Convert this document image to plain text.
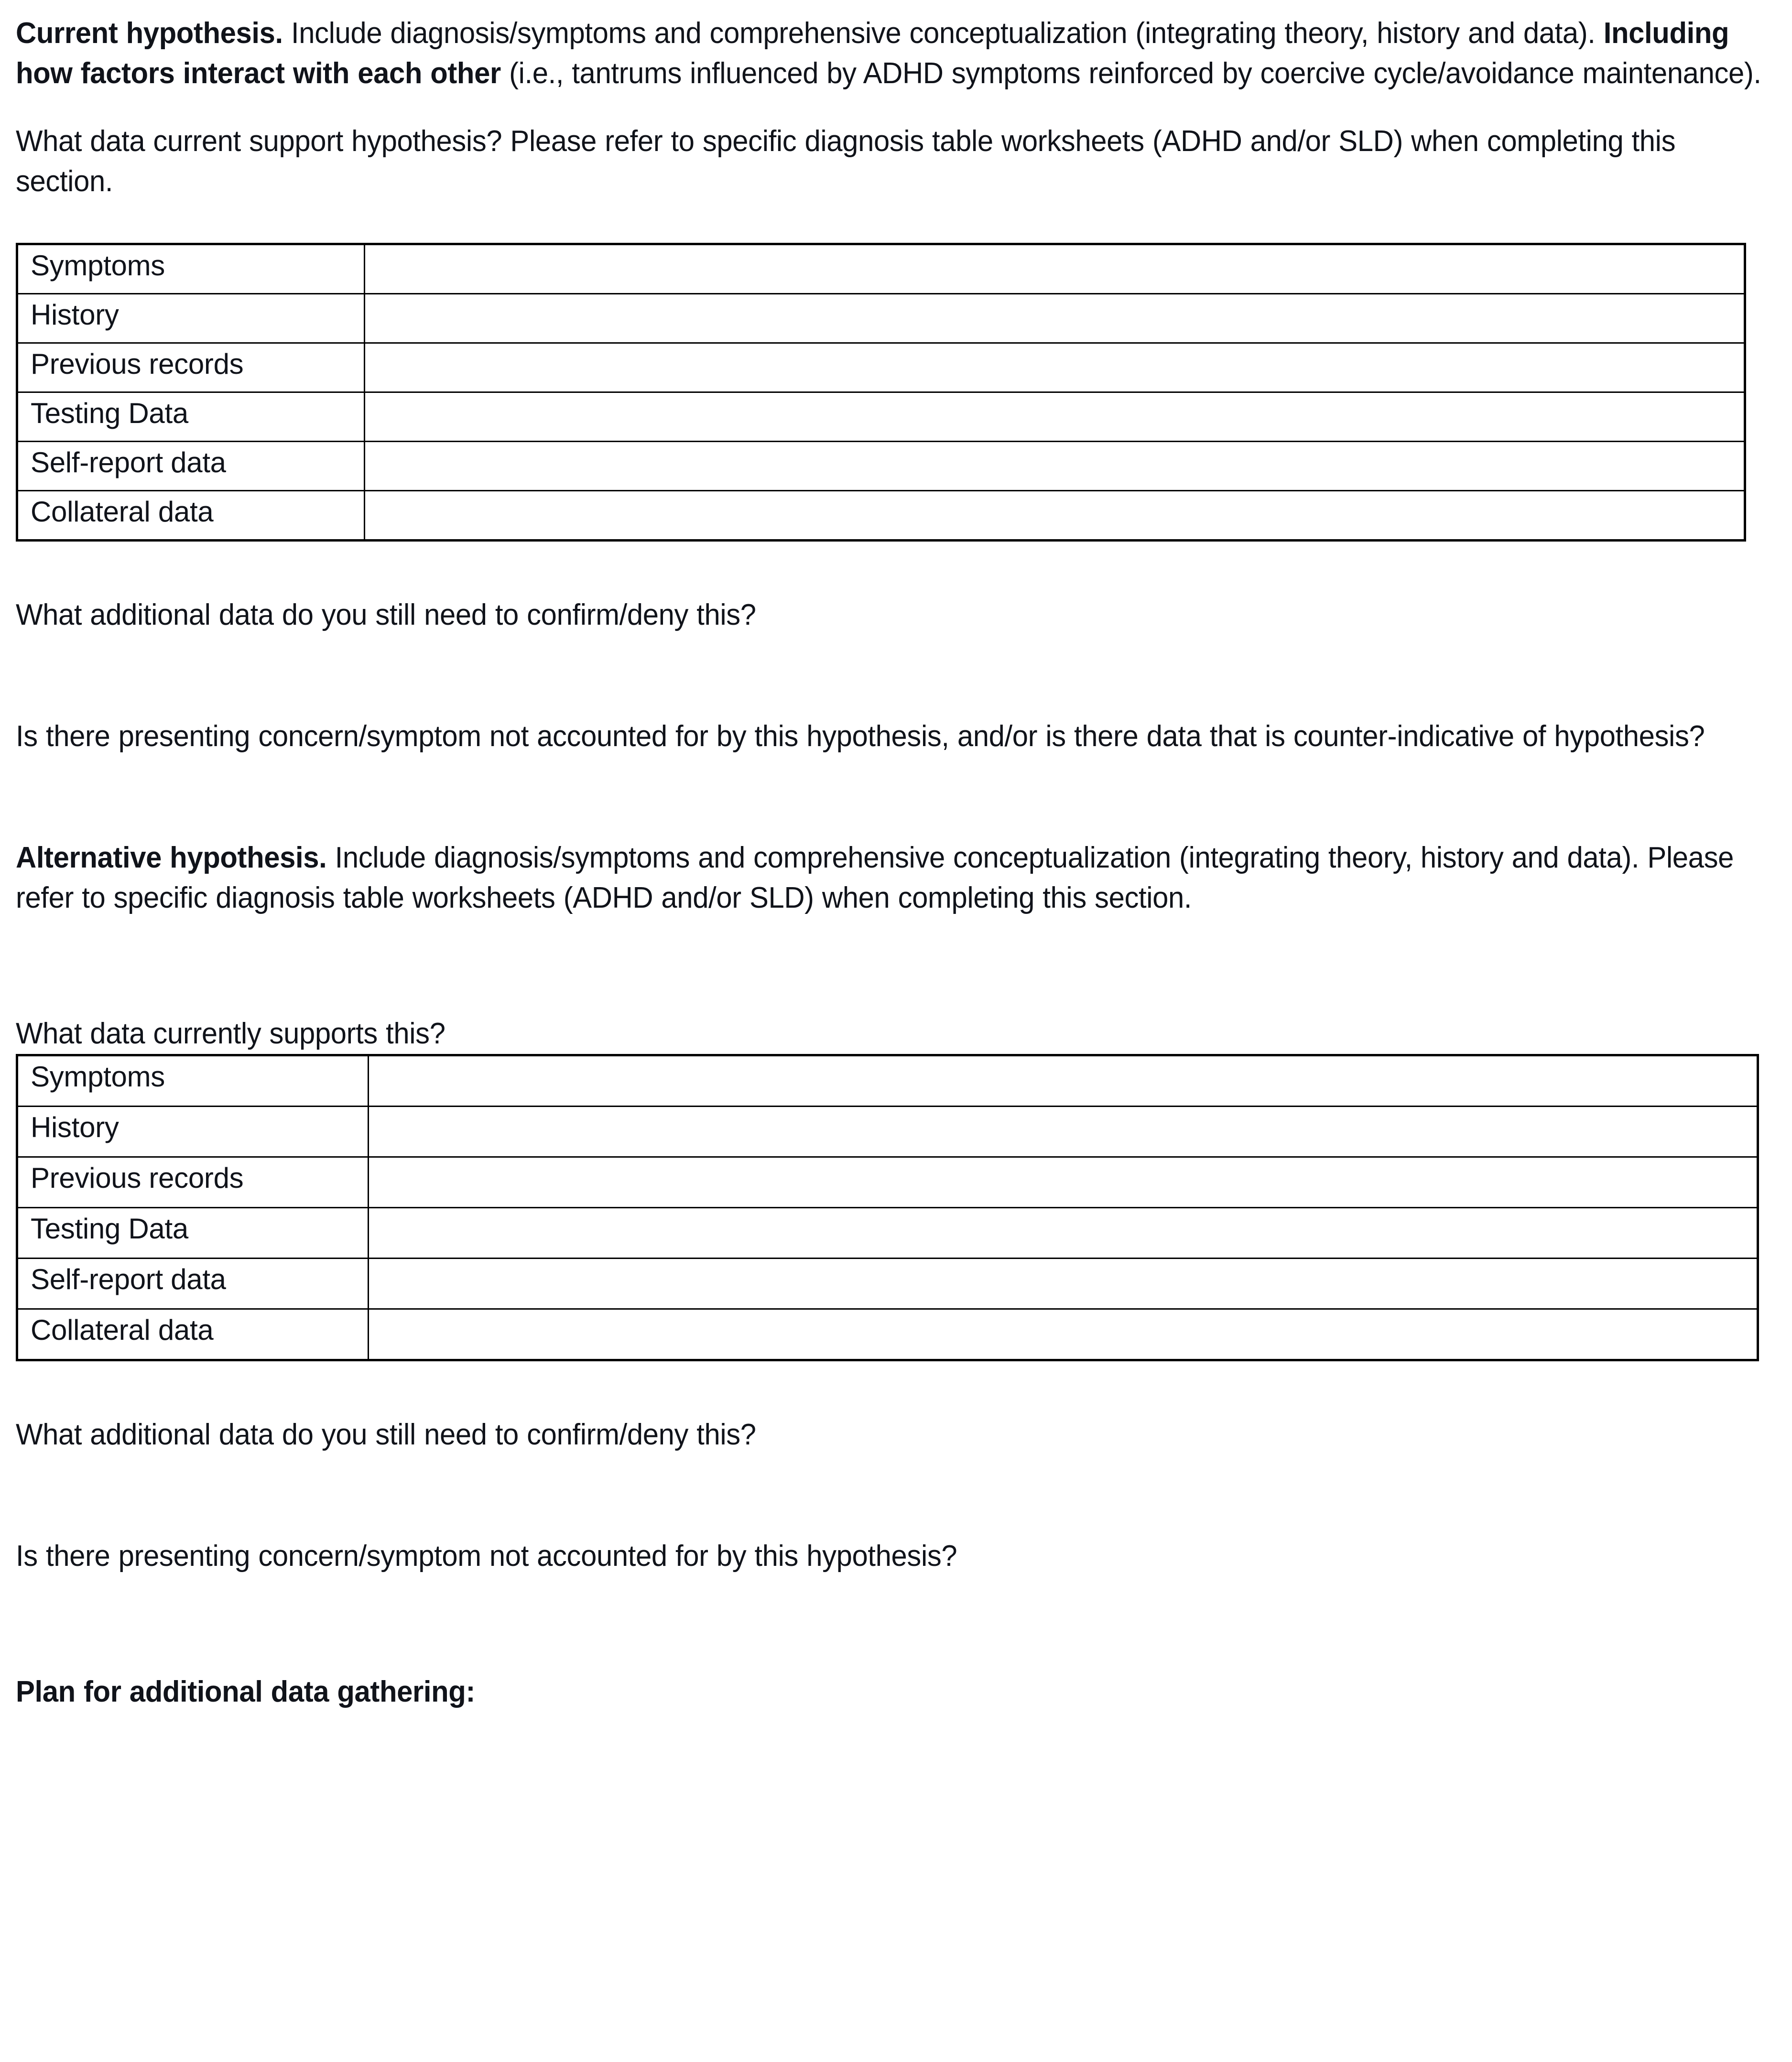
Current hypothesis. Include diagnosis/symptoms and comprehensive conceptualization (integrating theory, history and data). Including how factors interact with each other (i.e., tantrums influenced by ADHD symptoms reinforced by coercive cycle/avoidance maintenance).

What data current support hypothesis? Please refer to specific diagnosis table worksheets (ADHD and/or SLD) when completing this section.

Symptoms	
History	
Previous records	
Testing Data	
Self-report data	
Collateral data	

What additional data do you still need to confirm/deny this?

Is there presenting concern/symptom not accounted for by this hypothesis, and/or is there data that is counter-indicative of hypothesis?

Alternative hypothesis. Include diagnosis/symptoms and comprehensive conceptualization (integrating theory, history and data). Please refer to specific diagnosis table worksheets (ADHD and/or SLD) when completing this section.

What data currently supports this?

Symptoms	
History	
Previous records	
Testing Data	
Self-report data	
Collateral data	

What additional data do you still need to confirm/deny this?

Is there presenting concern/symptom not accounted for by this hypothesis?

Plan for additional data gathering:
